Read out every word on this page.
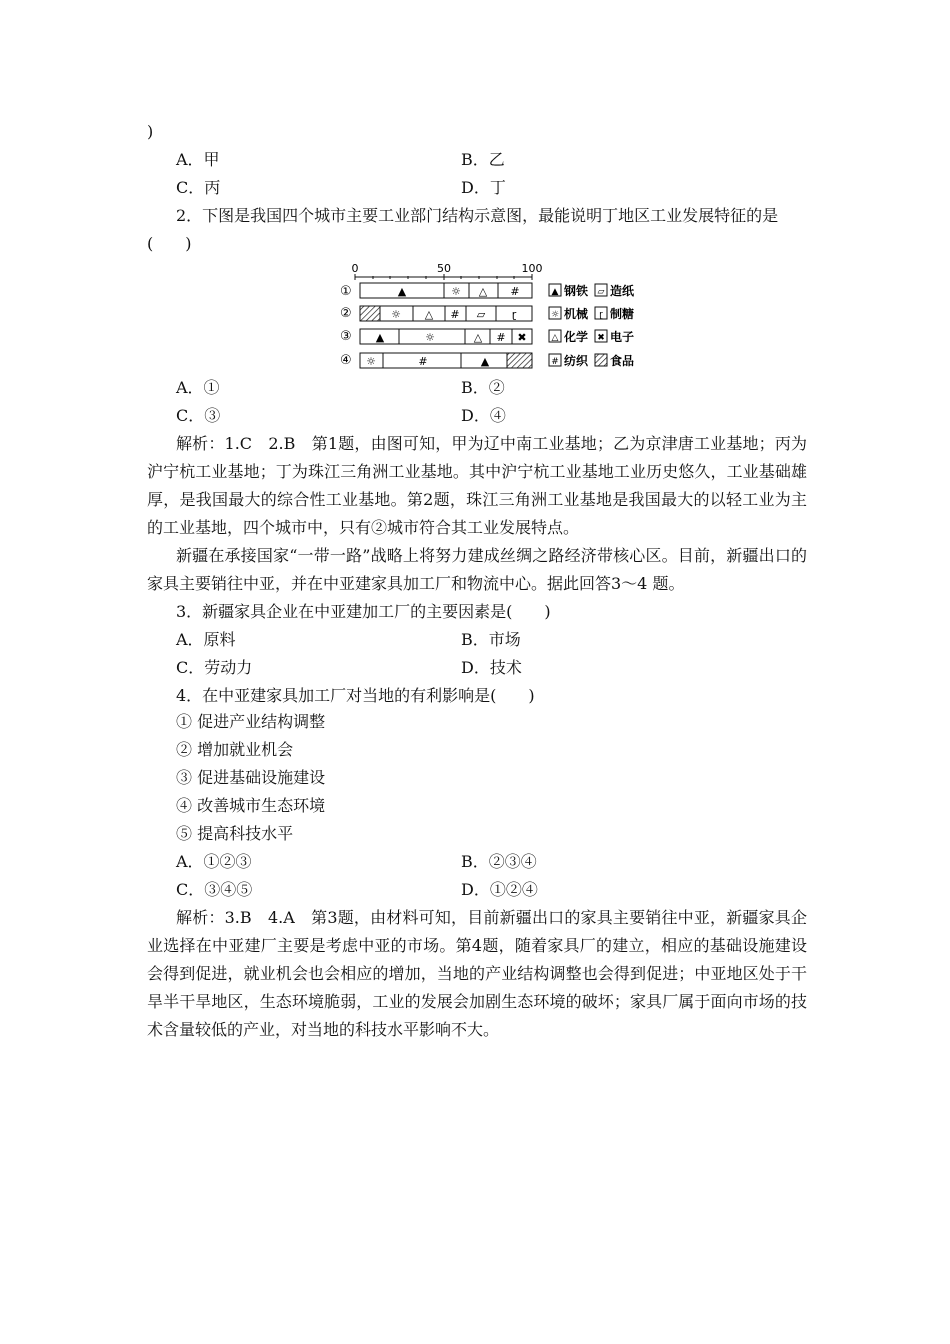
)
A．甲	B．乙
C．丙	D．丁
2．下图是我国四个城市主要工业部门结构示意图，最能说明丁地区工业发展特征的是
(　　)
0	50	100
①
②
③
④
▲	☼ △ #
☼ △ # ▱ ɽ
▲	☼	△ # ✖
☼	#	▲
▲ 钢铁 ▱ 造纸
☼ 机械 ɽ 制糖
△ 化学 ✖ 电子
# 纺织 食品
A．①	B．②
C．③	D．④
解析：1.C　2.B　第1题，由图可知，甲为辽中南工业基地；乙为京津唐工业基地；丙为沪宁杭工业基地；丁为珠江三角洲工业基地。其中沪宁杭工业基地工业历史悠久，工业基础雄厚，是我国最大的综合性工业基地。第2题，珠江三角洲工业基地是我国最大的以轻工业为主的工业基地，四个城市中，只有②城市符合其工业发展特点。
新疆在承接国家“一带一路”战略上将努力建成丝绸之路经济带核心区。目前，新疆出口的家具主要销往中亚，并在中亚建家具加工厂和物流中心。据此回答3～4 题。
3．新疆家具企业在中亚建加工厂的主要因素是(　　)
A．原料	B．市场
C．劳动力	D．技术
4．在中亚建家具加工厂对当地的有利影响是(　　)
① 促进产业结构调整
② 增加就业机会
③ 促进基础设施建设
④ 改善城市生态环境
⑤ 提高科技水平
A．①②③	B．②③④
C．③④⑤	D．①②④
解析：3.B　4.A　第3题，由材料可知，目前新疆出口的家具主要销往中亚，新疆家具企业选择在中亚建厂主要是考虑中亚的市场。第4题，随着家具厂的建立，相应的基础设施建设会得到促进，就业机会也会相应的增加，当地的产业结构调整也会得到促进；中亚地区处于干旱半干旱地区，生态环境脆弱，工业的发展会加剧生态环境的破坏；家具厂属于面向市场的技术含量较低的产业，对当地的科技水平影响不大。
